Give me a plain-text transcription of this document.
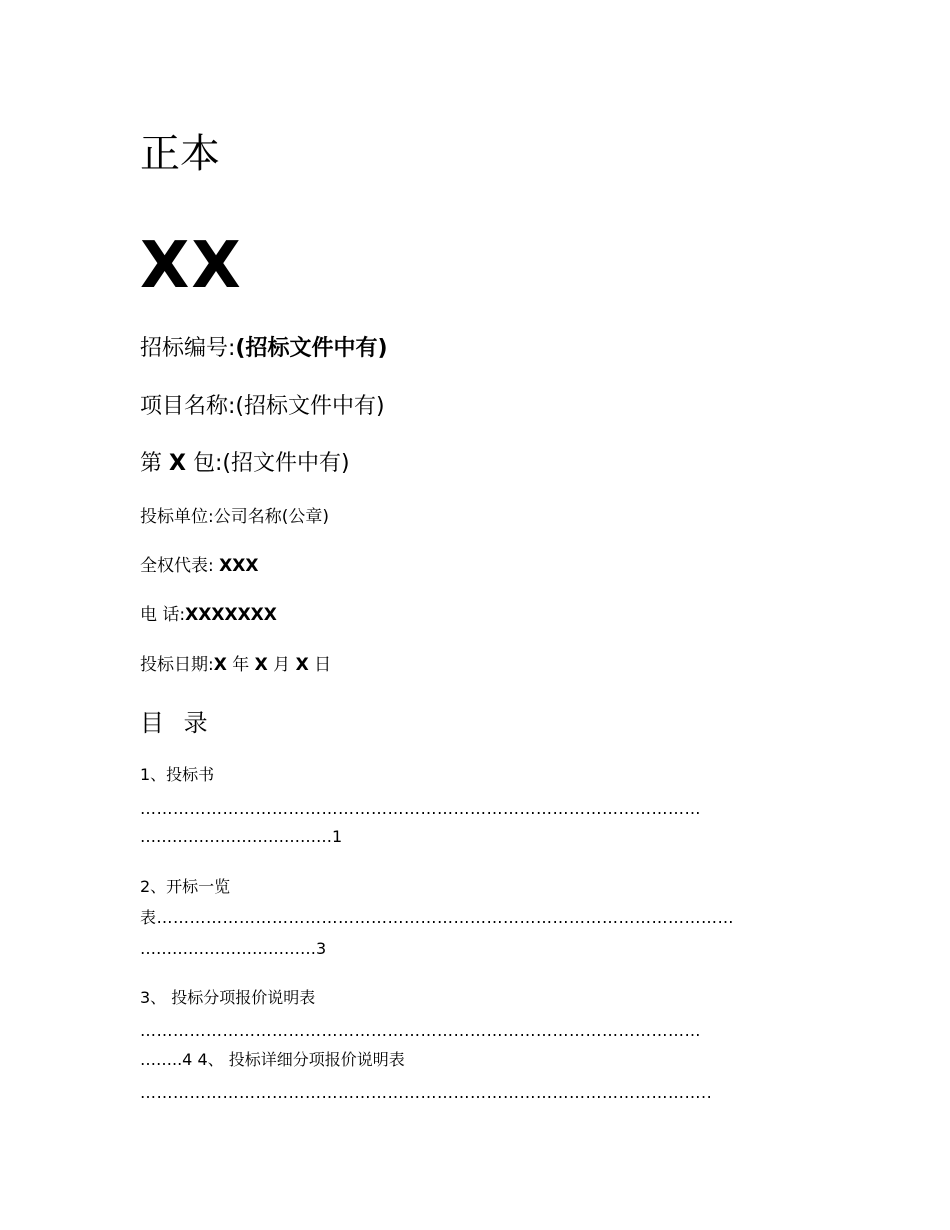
正本
XX
招标编号:(招标文件中有)
项目名称:(招标文件中有)
第 X 包:(招文件中有)
投标单位:公司名称(公章)
全权代表: XXX
电 话:XXXXXXX
投标日期:X 年 X 月 X 日
目 录
1、投标书
…………………………………………………………………………………………
………………………………1
2、开标一览
表……………………………………………………………………………………………
……………………………3
3、 投标分项报价说明表
…………………………………………………………………………………………
……..4 4、 投标详细分项报价说明表
…………………………………………………………………………………………..
